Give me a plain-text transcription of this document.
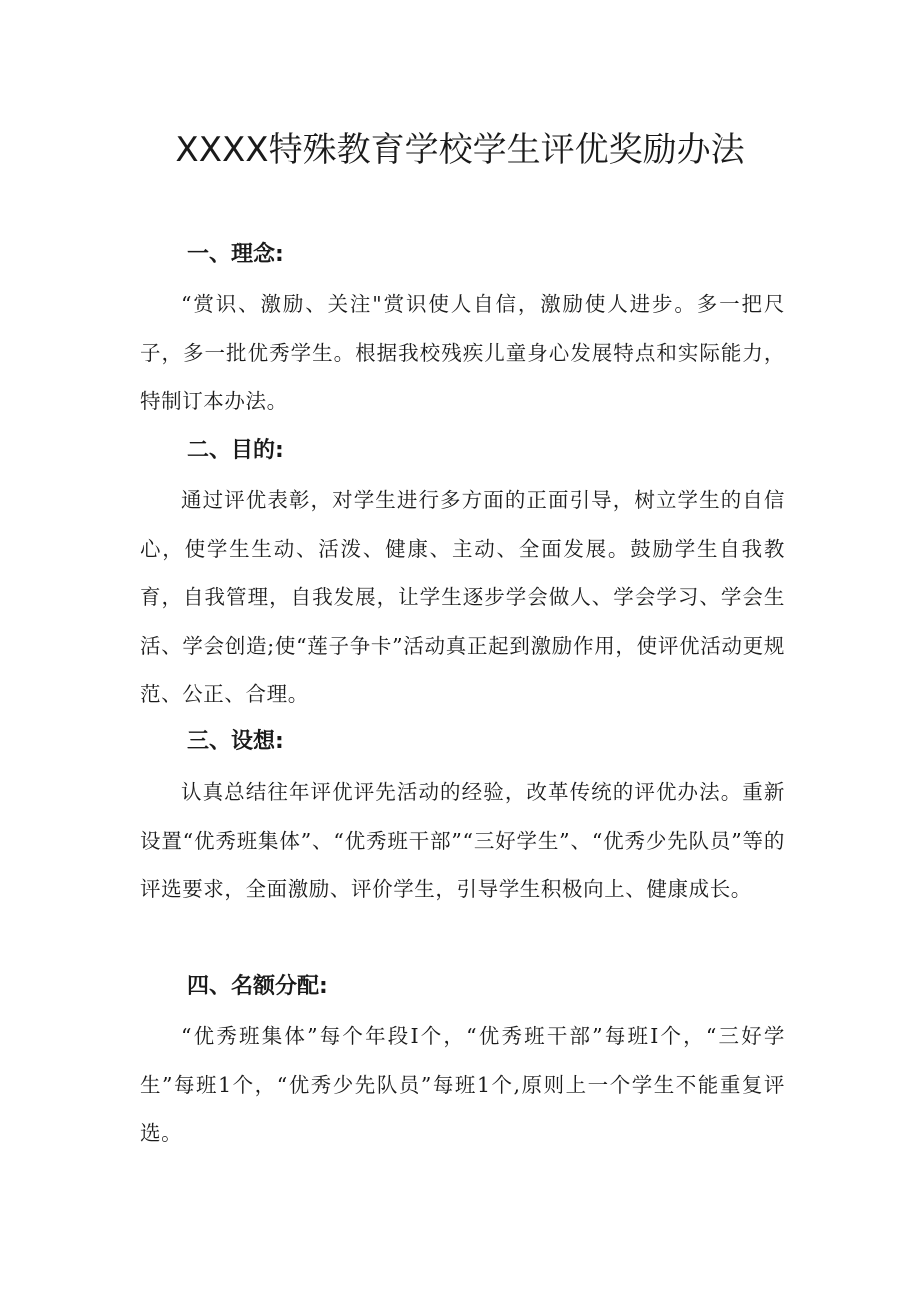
XXXX特殊教育学校学生评优奖励办法
一、理念:

“赏识、激励、关注"赏识使人自信，激励使人进步。多一把尺子，多一批优秀学生。根据我校残疾儿童身心发展特点和实际能力，特制订本办法。

二、目的:

通过评优表彰，对学生进行多方面的正面引导，树立学生的自信心，使学生生动、活泼、健康、主动、全面发展。鼓励学生自我教育，自我管理，自我发展，让学生逐步学会做人、学会学习、学会生活、学会创造;使“莲子争卡”活动真正起到激励作用，使评优活动更规范、公正、合理。

三、设想:

认真总结往年评优评先活动的经验，改革传统的评优办法。重新设置“优秀班集体”、“优秀班干部”“三好学生”、“优秀少先队员”等的评选要求，全面激励、评价学生，引导学生积极向上、健康成长。

四、名额分配:

“优秀班集体”每个年段I个，“优秀班干部”每班I个，“三好学生”每班1个，“优秀少先队员”每班1个,原则上一个学生不能重复评选。
